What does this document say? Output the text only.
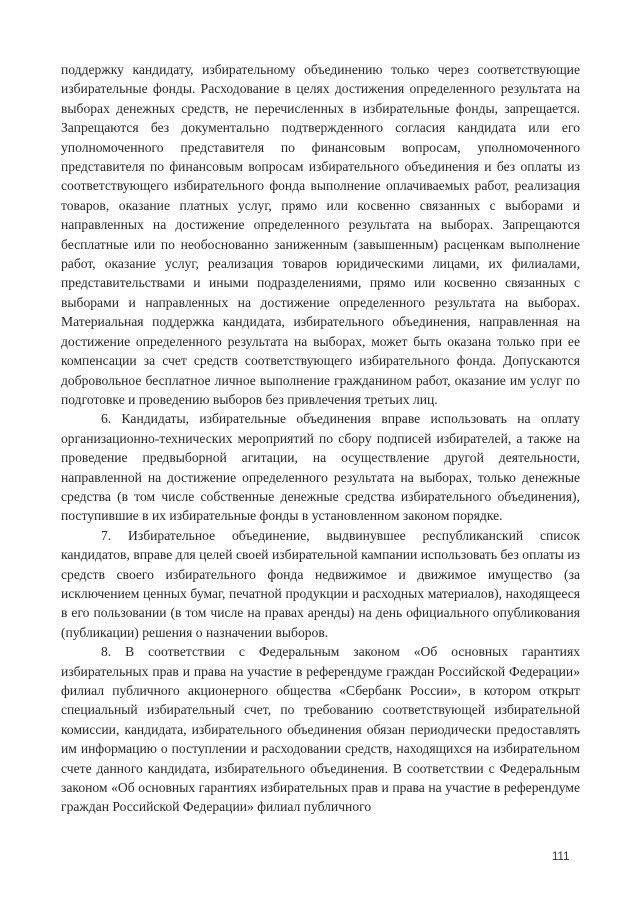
поддержку кандидату, избирательному объединению только через соответствующие избирательные фонды. Расходование в целях достижения определенного результата на выборах денежных средств, не перечисленных в избирательные фонды, запрещается. Запрещаются без документально подтвержденного согласия кандидата или его уполномоченного представителя по финансовым вопросам, уполномоченного представителя по финансовым вопросам избирательного объединения и без оплаты из соответствующего избирательного фонда выполнение оплачиваемых работ, реализация товаров, оказание платных услуг, прямо или косвенно связанных с выборами и направленных на достижение определенного результата на выборах. Запрещаются бесплатные или по необоснованно заниженным (завышенным) расценкам выполнение работ, оказание услуг, реализация товаров юридическими лицами, их филиалами, представительствами и иными подразделениями, прямо или косвенно связанных с выборами и направленных на достижение определенного результата на выборах. Материальная поддержка кандидата, избирательного объединения, направленная на достижение определенного результата на выборах, может быть оказана только при ее компенсации за счет средств соответствующего избирательного фонда. Допускаются добровольное бесплатное личное выполнение гражданином работ, оказание им услуг по подготовке и проведению выборов без привлечения третьих лиц.

6. Кандидаты, избирательные объединения вправе использовать на оплату организационно-технических мероприятий по сбору подписей избирателей, а также на проведение предвыборной агитации, на осуществление другой деятельности, направленной на достижение определенного результата на выборах, только денежные средства (в том числе собственные денежные средства избирательного объединения), поступившие в их избирательные фонды в установленном законом порядке.

7. Избирательное объединение, выдвинувшее республиканский список кандидатов, вправе для целей своей избирательной кампании использовать без оплаты из средств своего избирательного фонда недвижимое и движимое имущество (за исключением ценных бумаг, печатной продукции и расходных материалов), находящееся в его пользовании (в том числе на правах аренды) на день официального опубликования (публикации) решения о назначении выборов.

8. В соответствии с Федеральным законом «Об основных гарантиях избирательных прав и права на участие в референдуме граждан Российской Федерации» филиал публичного акционерного общества «Сбербанк России», в котором открыт специальный избирательный счет, по требованию соответствующей избирательной комиссии, кандидата, избирательного объединения обязан периодически предоставлять им информацию о поступлении и расходовании средств, находящихся на избирательном счете данного кандидата, избирательного объединения. В соответствии с Федеральным законом «Об основных гарантиях избирательных прав и права на участие в референдуме граждан Российской Федерации» филиал публичного

111
